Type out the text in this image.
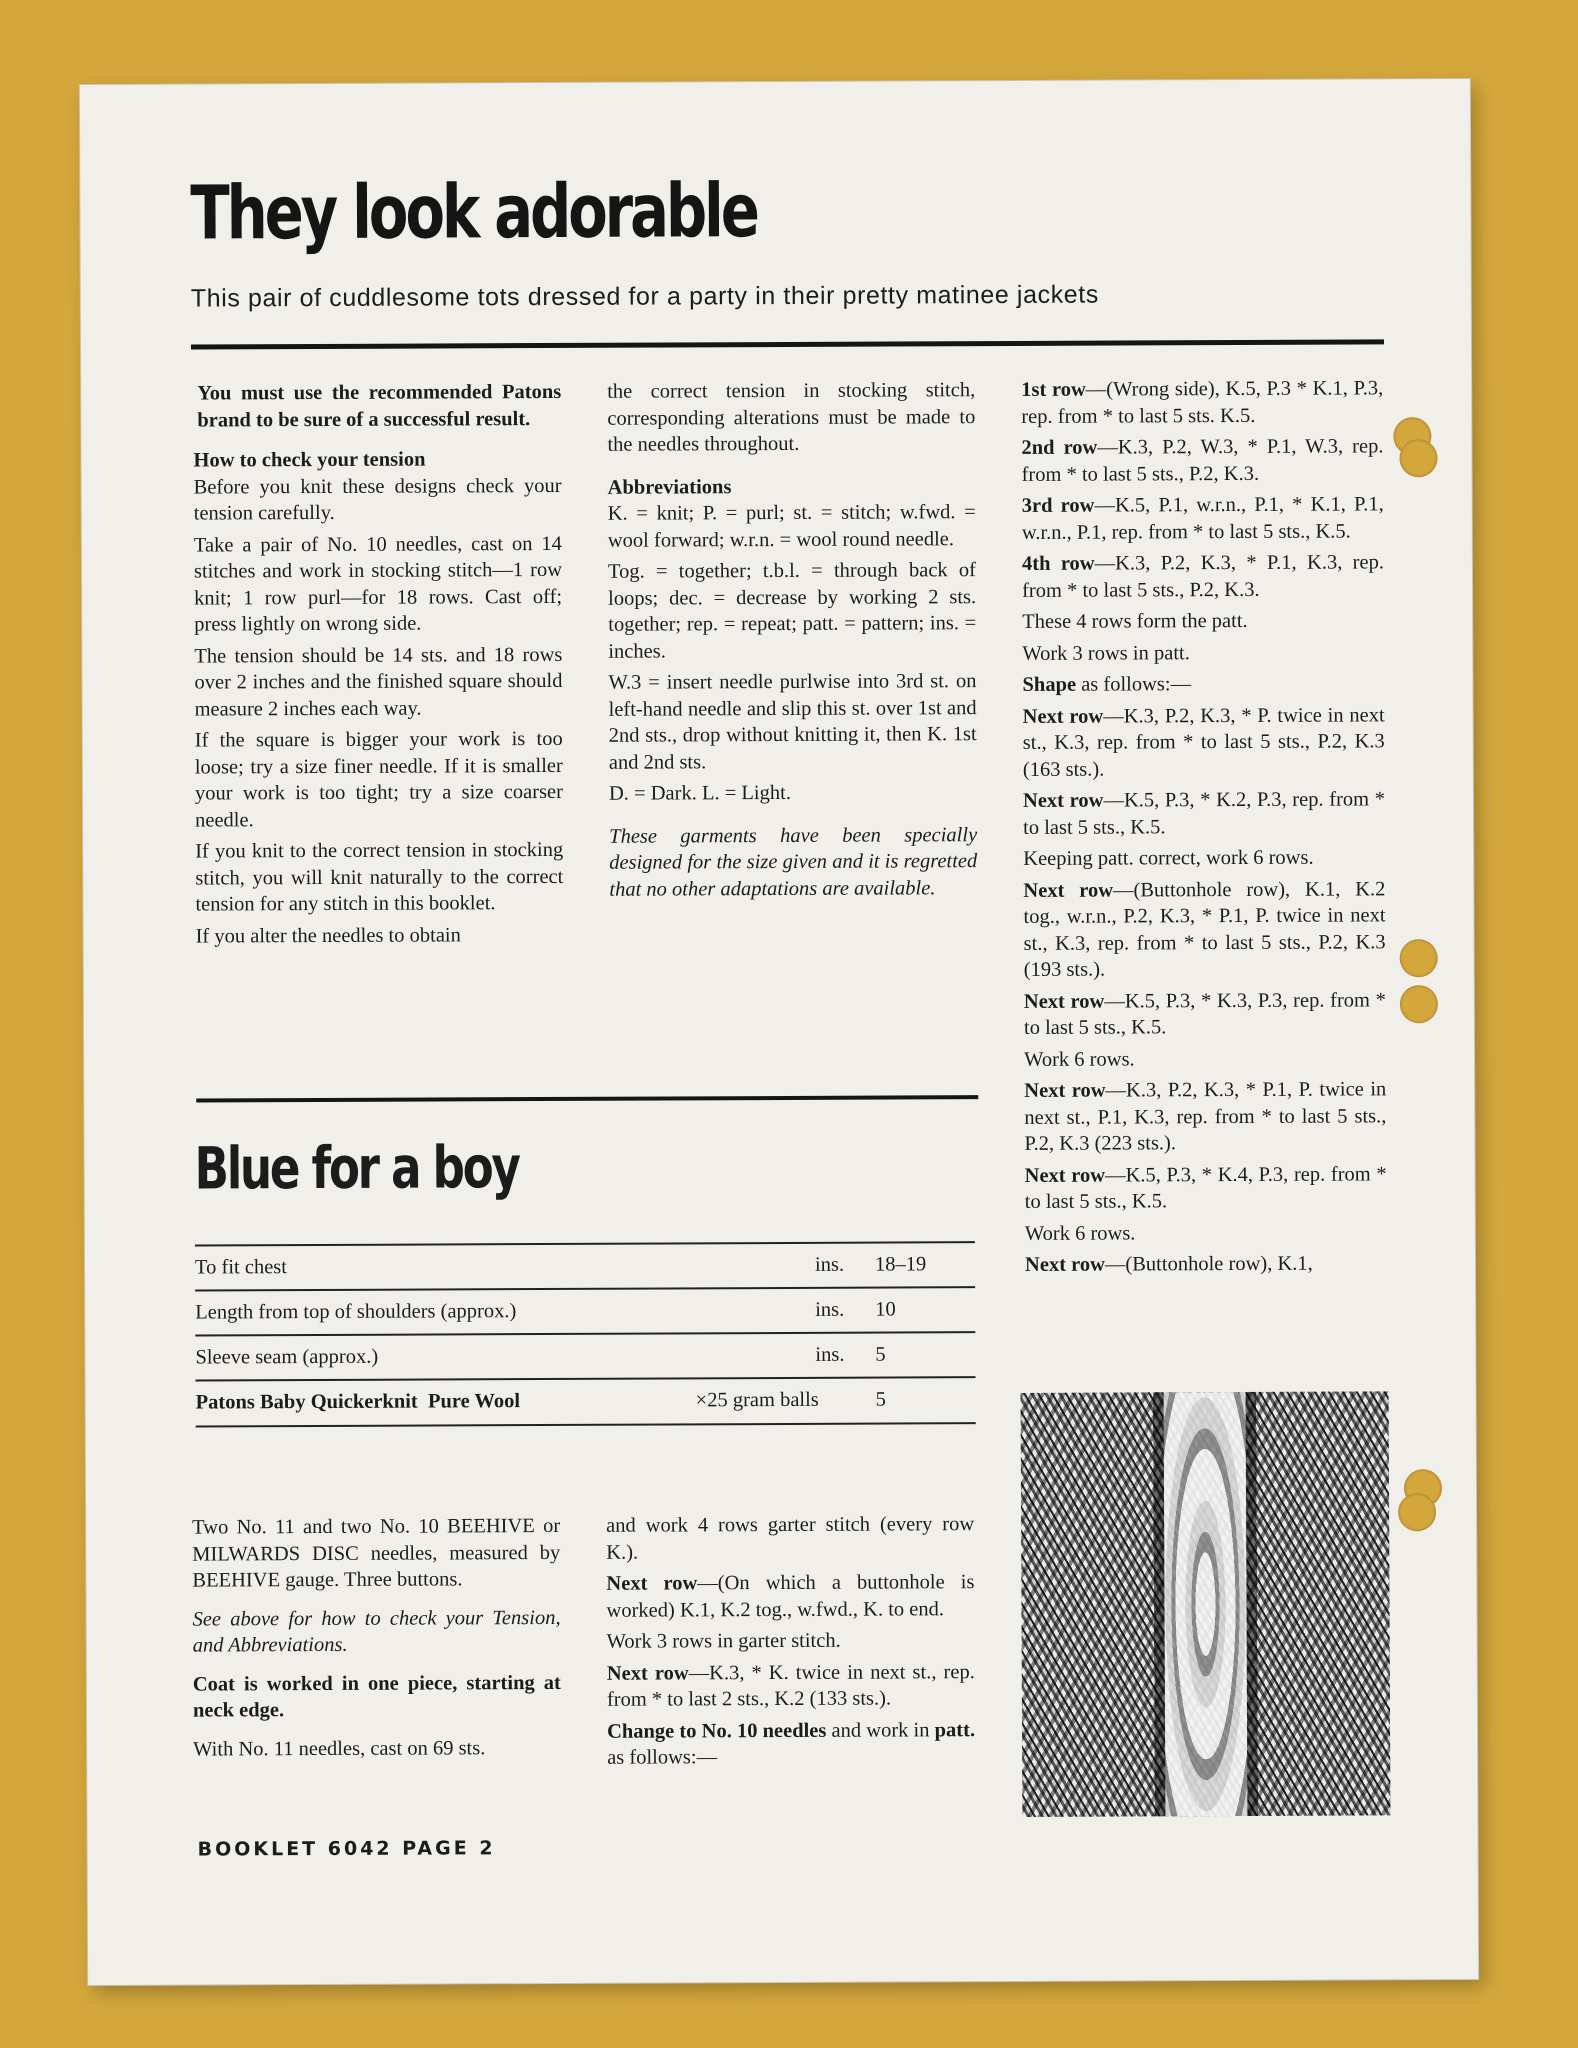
They look adorable
This pair of cuddlesome tots dressed for a party in their pretty matinee jackets

You must use the recommended Patons brand to be sure of a successful result.

How to check your tension

Before you knit these designs check your tension carefully.

Take a pair of No. 10 needles, cast on 14 stitches and work in stocking stitch—1 row knit; 1 row purl—for 18 rows. Cast off; press lightly on wrong side.

The tension should be 14 sts. and 18 rows over 2 inches and the finished square should measure 2 inches each way.

If the square is bigger your work is too loose; try a size finer needle. If it is smaller your work is too tight; try a size coarser needle.

If you knit to the correct tension in stocking stitch, you will knit naturally to the correct tension for any stitch in this booklet.

If you alter the needles to obtain

the correct tension in stocking stitch, corresponding alterations must be made to the needles throughout.

Abbreviations

K. = knit; P. = purl; st. = stitch; w.fwd. = wool forward; w.r.n. = wool round needle.

Tog. = together; t.b.l. = through back of loops; dec. = decrease by working 2 sts. together; rep. = repeat; patt. = pattern; ins. = inches.

W.3 = insert needle purlwise into 3rd st. on left-hand needle and slip this st. over 1st and 2nd sts., drop without knitting it, then K. 1st and 2nd sts.

D. = Dark. L. = Light.

These garments have been specially designed for the size given and it is regretted that no other adaptations are available.

1st row—(Wrong side), K.5, P.3 * K.1, P.3, rep. from * to last 5 sts. K.5.

2nd row—K.3, P.2, W.3, * P.1, W.3, rep. from * to last 5 sts., P.2, K.3.

3rd row—K.5, P.1, w.r.n., P.1, * K.1, P.1, w.r.n., P.1, rep. from * to last 5 sts., K.5.

4th row—K.3, P.2, K.3, * P.1, K.3, rep. from * to last 5 sts., P.2, K.3.

These 4 rows form the patt.

Work 3 rows in patt.

Shape as follows:—

Next row—K.3, P.2, K.3, * P. twice in next st., K.3, rep. from * to last 5 sts., P.2, K.3 (163 sts.).

Next row—K.5, P.3, * K.2, P.3, rep. from * to last 5 sts., K.5.

Keeping patt. correct, work 6 rows.

Next row—(Buttonhole row), K.1, K.2 tog., w.r.n., P.2, K.3, * P.1, P. twice in next st., K.3, rep. from * to last 5 sts., P.2, K.3 (193 sts.).

Next row—K.5, P.3, * K.3, P.3, rep. from * to last 5 sts., K.5.

Work 6 rows.

Next row—K.3, P.2, K.3, * P.1, P. twice in next st., P.1, K.3, rep. from * to last 5 sts., P.2, K.3 (223 sts.).

Next row—K.5, P.3, * K.4, P.3, rep. from * to last 5 sts., K.5.

Work 6 rows.

Next row—(Buttonhole row), K.1,

Blue for a boy
To fit chest	ins. 18–19
Length from top of shoulders (approx.)	ins. 10
Sleeve seam (approx.)	ins. 5
Patons Baby Quickerknit  Pure Wool	×25 gram balls	5

Two No. 11 and two No. 10 BEEHIVE or MILWARDS DISC needles, measured by BEEHIVE gauge. Three buttons.

See above for how to check your Tension, and Abbreviations.

Coat is worked in one piece, starting at neck edge.

With No. 11 needles, cast on 69 sts.

and work 4 rows garter stitch (every row K.).

Next row—(On which a buttonhole is worked) K.1, K.2 tog., w.fwd., K. to end.

Work 3 rows in garter stitch.

Next row—K.3, * K. twice in next st., rep. from * to last 2 sts., K.2 (133 sts.).

Change to No. 10 needles and work in patt. as follows:—

BOOKLET 6042 PAGE 2
